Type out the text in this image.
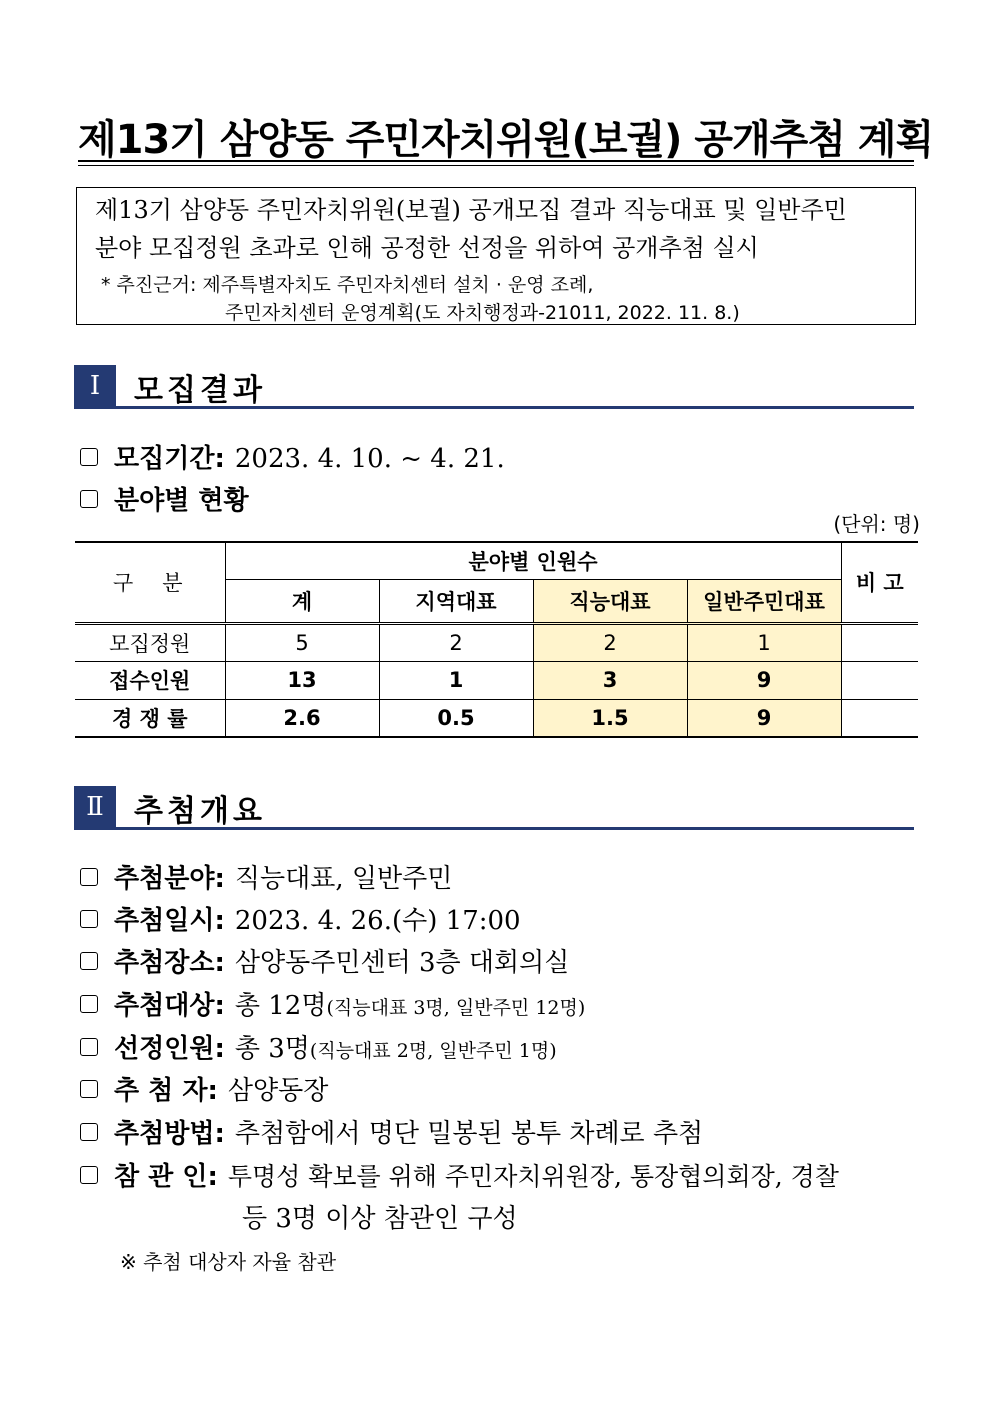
제13기 삼양동 주민자치위원(보궐) 공개추첨 계획
제13기 삼양동 주민자치위원(보궐) 공개모집 결과 직능대표 및 일반주민
분야 모집정원 초과로 인해 공정한 선정을 위하여 공개추첨 실시
* 추진근거: 제주특별자치도 주민자치센터 설치 · 운영 조례,
주민자치센터 운영계획(도 자치행정과-21011, 2022. 11. 8.)
Ⅰ	모집결과
모집기간: 2023. 4. 10. ~ 4. 21.
분야별 현황
(단위: 명)
구　분	분야별 인원수				비 고
	계	지역대표	직능대표	일반주민대표	
모집정원	5	2	2	1	
접수인원	13	1	3	9	
경 쟁 률	2.6	0.5	1.5	9	
Ⅱ	추첨개요
추첨분야: 직능대표, 일반주민
추첨일시: 2023. 4. 26.(수) 17:00
추첨장소: 삼양동주민센터 3층 대회의실
추첨대상: 총 12명(직능대표 3명, 일반주민 12명)
선정인원: 총 3명(직능대표 2명, 일반주민 1명)
추 첨 자: 삼양동장
추첨방법: 추첨함에서 명단 밀봉된 봉투 차례로 추첨
참 관 인: 투명성 확보를 위해 주민자치위원장, 통장협의회장, 경찰
등 3명 이상 참관인 구성
※ 추첨 대상자 자율 참관
